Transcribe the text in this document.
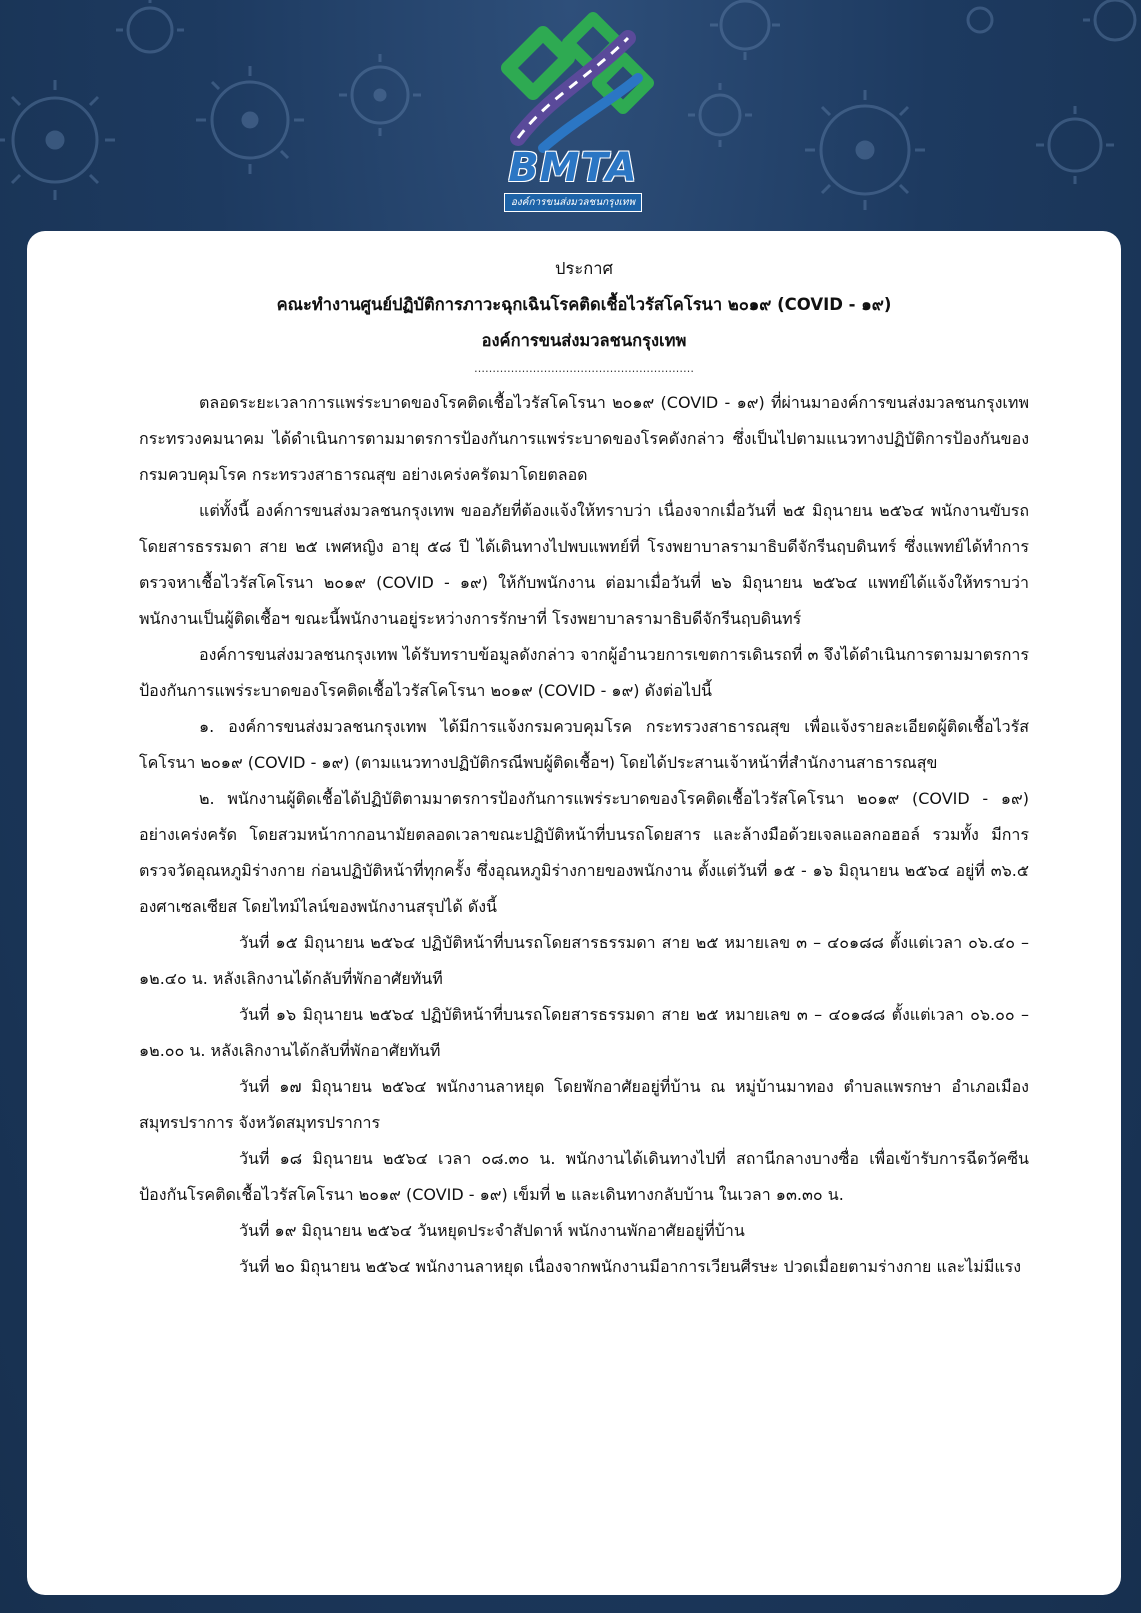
BMTA
องค์การขนส่งมวลชนกรุงเทพ
ประกาศ
คณะทำงานศูนย์ปฏิบัติการภาวะฉุกเฉินโรคติดเชื้อไวรัสโคโรนา ๒๐๑๙ (COVID - ๑๙)
องค์การขนส่งมวลชนกรุงเทพ
……………………………………………………

ตลอดระยะเวลาการแพร่ระบาดของโรคติดเชื้อไวรัสโคโรนา ๒๐๑๙ (COVID - ๑๙) ที่ผ่านมาองค์การขนส่งมวลชนกรุงเทพ กระทรวงคมนาคม ได้ดำเนินการตามมาตรการป้องกันการแพร่ระบาดของโรคดังกล่าว ซึ่งเป็นไปตามแนวทางปฏิบัติการป้องกันของกรมควบคุมโรค กระทรวงสาธารณสุข อย่างเคร่งครัดมาโดยตลอด

แต่ทั้งนี้ องค์การขนส่งมวลชนกรุงเทพ ขออภัยที่ต้องแจ้งให้ทราบว่า เนื่องจากเมื่อวันที่ ๒๕ มิถุนายน ๒๕๖๔ พนักงานขับรถโดยสารธรรมดา สาย ๒๕ เพศหญิง อายุ ๕๘ ปี ได้เดินทางไปพบแพทย์ที่ โรงพยาบาลรามาธิบดีจักรีนฤบดินทร์ ซึ่งแพทย์ได้ทำการตรวจหาเชื้อไวรัสโคโรนา ๒๐๑๙ (COVID - ๑๙) ให้กับพนักงาน ต่อมาเมื่อวันที่ ๒๖ มิถุนายน ๒๕๖๔ แพทย์ได้แจ้งให้ทราบว่า พนักงานเป็นผู้ติดเชื้อฯ ขณะนี้พนักงานอยู่ระหว่างการรักษาที่ โรงพยาบาลรามาธิบดีจักรีนฤบดินทร์

องค์การขนส่งมวลชนกรุงเทพ ได้รับทราบข้อมูลดังกล่าว จากผู้อำนวยการเขตการเดินรถที่ ๓ จึงได้ดำเนินการตามมาตรการป้องกันการแพร่ระบาดของโรคติดเชื้อไวรัสโคโรนา ๒๐๑๙ (COVID - ๑๙) ดังต่อไปนี้

๑. องค์การขนส่งมวลชนกรุงเทพ ได้มีการแจ้งกรมควบคุมโรค กระทรวงสาธารณสุข เพื่อแจ้งรายละเอียดผู้ติดเชื้อไวรัสโคโรนา ๒๐๑๙ (COVID - ๑๙) (ตามแนวทางปฏิบัติกรณีพบผู้ติดเชื้อฯ) โดยได้ประสานเจ้าหน้าที่สำนักงานสาธารณสุข

๒. พนักงานผู้ติดเชื้อได้ปฏิบัติตามมาตรการป้องกันการแพร่ระบาดของโรคติดเชื้อไวรัสโคโรนา ๒๐๑๙ (COVID - ๑๙) อย่างเคร่งครัด โดยสวมหน้ากากอนามัยตลอดเวลาขณะปฏิบัติหน้าที่บนรถโดยสาร และล้างมือด้วยเจลแอลกอฮอล์ รวมทั้ง มีการตรวจวัดอุณหภูมิร่างกาย ก่อนปฏิบัติหน้าที่ทุกครั้ง ซึ่งอุณหภูมิร่างกายของพนักงาน ตั้งแต่วันที่ ๑๕ - ๑๖ มิถุนายน ๒๕๖๔ อยู่ที่ ๓๖.๕ องศาเซลเซียส โดยไทม์ไลน์ของพนักงานสรุปได้ ดังนี้

วันที่ ๑๕ มิถุนายน ๒๕๖๔ ปฏิบัติหน้าที่บนรถโดยสารธรรมดา สาย ๒๕ หมายเลข ๓ – ๔๐๑๘๘ ตั้งแต่เวลา ๐๖.๔๐ – ๑๒.๔๐ น. หลังเลิกงานได้กลับที่พักอาศัยทันที

วันที่ ๑๖ มิถุนายน ๒๕๖๔ ปฏิบัติหน้าที่บนรถโดยสารธรรมดา สาย ๒๕ หมายเลข ๓ – ๔๐๑๘๘ ตั้งแต่เวลา ๐๖.๐๐ – ๑๒.๐๐ น. หลังเลิกงานได้กลับที่พักอาศัยทันที

วันที่ ๑๗ มิถุนายน ๒๕๖๔ พนักงานลาหยุด โดยพักอาศัยอยู่ที่บ้าน ณ หมู่บ้านมาทอง ตำบลแพรกษา อำเภอเมืองสมุทรปราการ จังหวัดสมุทรปราการ

วันที่ ๑๘ มิถุนายน ๒๕๖๔ เวลา ๐๘.๓๐ น. พนักงานได้เดินทางไปที่ สถานีกลางบางซื่อ เพื่อเข้ารับการฉีดวัคซีนป้องกันโรคติดเชื้อไวรัสโคโรนา ๒๐๑๙ (COVID - ๑๙) เข็มที่ ๒ และเดินทางกลับบ้าน ในเวลา ๑๓.๓๐ น.

วันที่ ๑๙ มิถุนายน ๒๕๖๔ วันหยุดประจำสัปดาห์ พนักงานพักอาศัยอยู่ที่บ้าน

วันที่ ๒๐ มิถุนายน ๒๕๖๔ พนักงานลาหยุด เนื่องจากพนักงานมีอาการเวียนศีรษะ ปวดเมื่อยตามร่างกาย และไม่มีแรง
